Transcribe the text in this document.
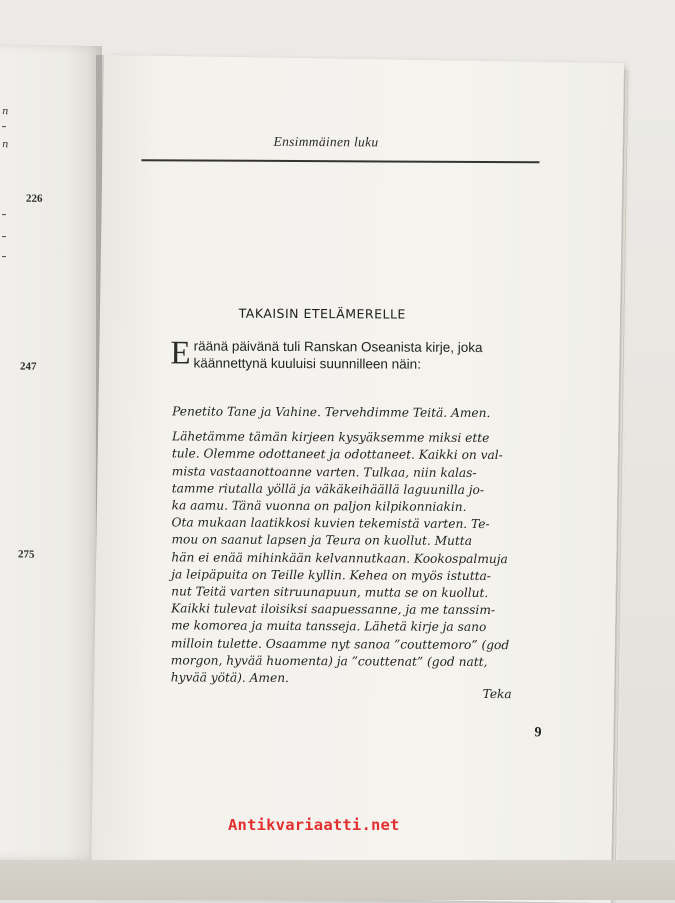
n
n
226
247
275
Ensimmäinen luku
TAKAISIN ETELÄMERELLE
E räänä päivänä tuli Ranskan Oseanista kirje, joka
käännettynä kuuluisi suunnilleen näin:

Penetito Tane ja Vahine. Tervehdimme Teitä. Amen.

Lähetämme tämän kirjeen kysyäksemme miksi ette
tule. Olemme odottaneet ja odottaneet. Kaikki on val-
mista vastaanottoanne varten. Tulkaa, niin kalas-
tamme riutalla yöllä ja väkäkeihäällä laguunilla jo-
ka aamu. Tänä vuonna on paljon kilpikonniakin.
Ota mukaan laatikkosi kuvien tekemistä varten. Te-
mou on saanut lapsen ja Teura on kuollut. Mutta
hän ei enää mihinkään kelvannutkaan. Kookospalmuja
ja leipäpuita on Teille kyllin. Kehea on myös istutta-
nut Teitä varten sitruunapuun, mutta se on kuollut.
Kaikki tulevat iloisiksi saapuessanne, ja me tanssim-
me komorea ja muita tansseja. Lähetä kirje ja sano
milloin tulette. Osaamme nyt sanoa ”couttemoro” (god
morgon, hyvää huomenta) ja ”couttenat” (god natt,
hyvää yötä). Amen.

Teka
9
Antikvariaatti.net
